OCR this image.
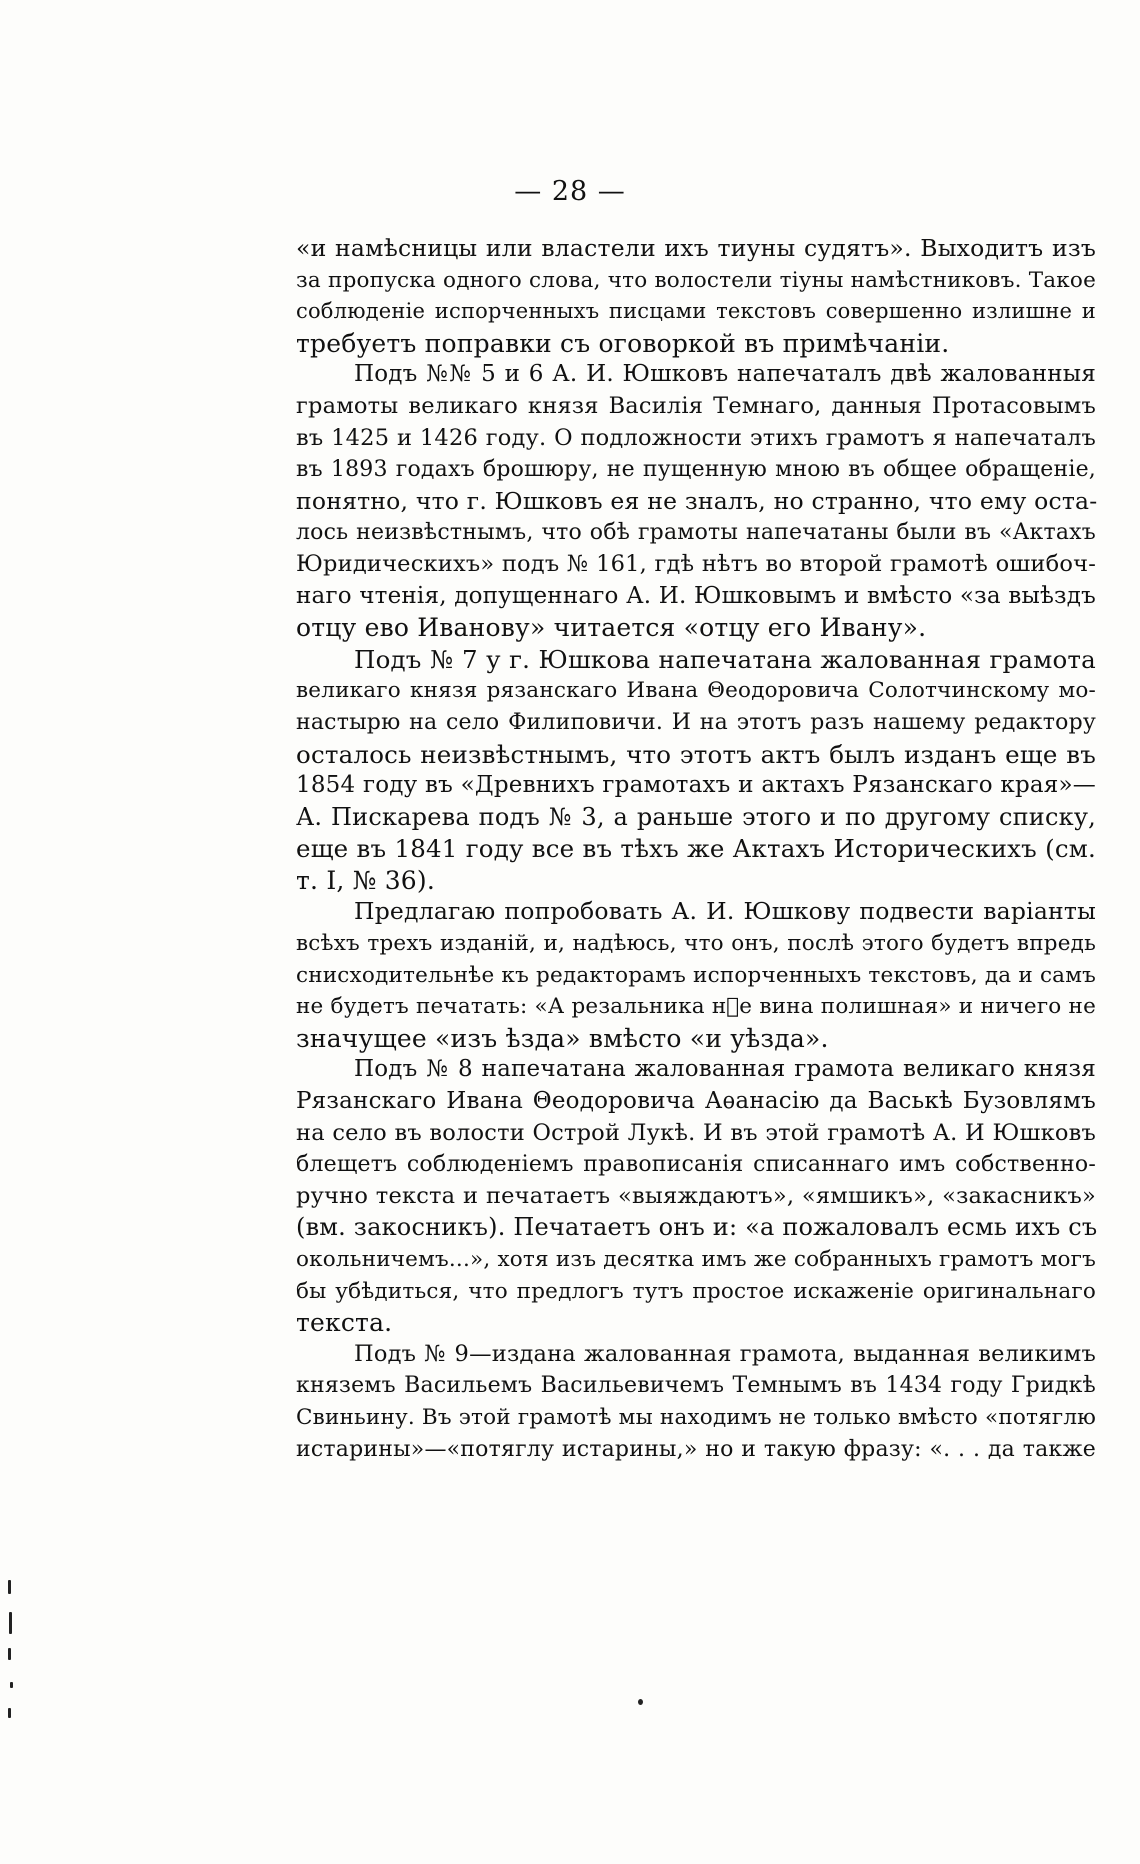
— 28 —
«и намѣсницы или властели ихъ тиуны судятъ». Выходитъ изъ
за пропуска одного слова, что волостели тіуны намѣстниковъ. Такое
соблюденіе испорченныхъ писцами текстовъ совершенно излишне и
требуетъ поправки съ оговоркой въ примѣчаніи.
Подъ №№ 5 и 6 А. И. Юшковъ напечаталъ двѣ жалованныя
грамоты великаго князя Василія Темнаго, данныя Протасовымъ
въ 1425 и 1426 году. О подложности этихъ грамотъ я напечаталъ
въ 1893 годахъ брошюру, не пущенную мною въ общее обращеніе,
понятно, что г. Юшковъ ея не зналъ, но странно, что ему оста-
лось неизвѣстнымъ, что обѣ грамоты напечатаны были въ «Актахъ
Юридическихъ» подъ № 161, гдѣ нѣтъ во второй грамотѣ ошибоч-
наго чтенія, допущеннаго А. И. Юшковымъ и вмѣсто «за выѣздъ
отцу ево Иванову» читается «отцу его Ивану».
Подъ № 7 у г. Юшкова напечатана жалованная грамота
великаго князя рязанскаго Ивана Θеодоровича Солотчинскому мо-
настырю на село Филиповичи. И на этотъ разъ нашему редактору
осталось неизвѣстнымъ, что этотъ актъ былъ изданъ еще въ
1854 году въ «Древнихъ грамотахъ и актахъ Рязанскаго края»—
А. Пискарева подъ № 3, а раньше этого и по другому списку,
еще въ 1841 году все въ тѣхъ же Актахъ Историческихъ (см.
т. I, № 36).
Предлагаю попробовать А. И. Юшкову подвести варіанты
всѣхъ трехъ изданій, и, надѣюсь, что онъ, послѣ этого будетъ впредь
снисходительнѣе къ редакторамъ испорченныхъ текстовъ, да и самъ
не будетъ печатать: «А резальника н꙯е вина полишная» и ничего не
значущее «изъ ѣзда» вмѣсто «и уѣзда».
Подъ № 8 напечатана жалованная грамота великаго князя
Рязанскаго Ивана Θеодоровича Аѳанасію да Васькѣ Бузовлямъ
на село въ волости Острой Лукѣ. И въ этой грамотѣ А. И Юшковъ
блещетъ соблюденіемъ правописанія списаннаго имъ собственно-
ручно текста и печатаетъ «выяждаютъ», «ямшикъ», «закасникъ»
(вм. закосникъ). Печатаетъ онъ и: «а пожаловалъ есмь ихъ съ
окольничемъ...», хотя изъ десятка имъ же собранныхъ грамотъ могъ
бы убѣдиться, что предлогъ тутъ простое искаженіе оригинальнаго
текста.
Подъ № 9—издана жалованная грамота, выданная великимъ
княземъ Васильемъ Васильевичемъ Темнымъ въ 1434 году Гридкѣ
Свиньину. Въ этой грамотѣ мы находимъ не только вмѣсто «потяглю
истарины»—«потяглу истарины,» но и такую фразу: «. . . да также
